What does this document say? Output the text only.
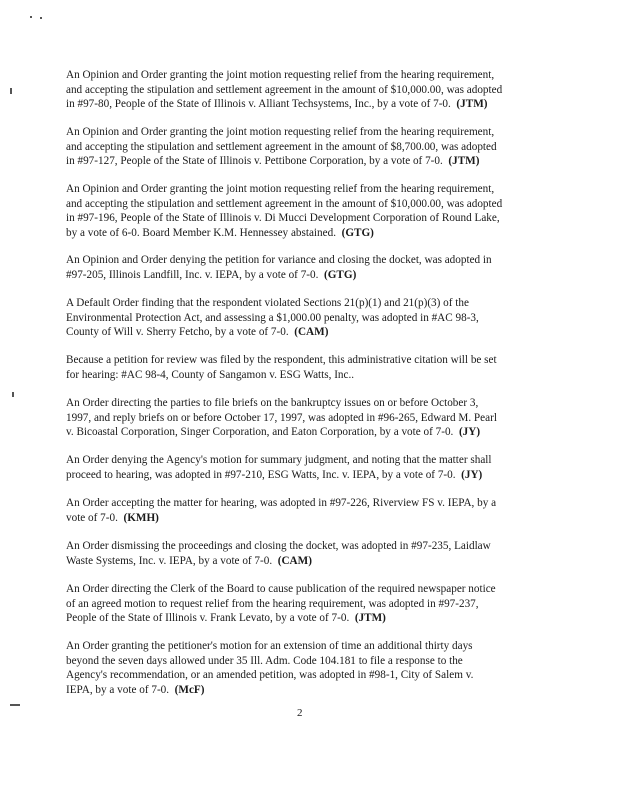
An Opinion and Order granting the joint motion requesting relief from the hearing requirement,
and accepting the stipulation and settlement agreement in the amount of $10,000.00, was adopted
in #97-80, People of the State of Illinois v. Alliant Techsystems, Inc., by a vote of 7-0. (JTM)
An Opinion and Order granting the joint motion requesting relief from the hearing requirement,
and accepting the stipulation and settlement agreement in the amount of $8,700.00, was adopted
in #97-127, People of the State of Illinois v. Pettibone Corporation, by a vote of 7-0. (JTM)
An Opinion and Order granting the joint motion requesting relief from the hearing requirement,
and accepting the stipulation and settlement agreement in the amount of $10,000.00, was adopted
in #97-196, People of the State of Illinois v. Di Mucci Development Corporation of Round Lake,
by a vote of 6-0. Board Member K.M. Hennessey abstained. (GTG)
An Opinion and Order denying the petition for variance and closing the docket, was adopted in
#97-205, Illinois Landfill, Inc. v. IEPA, by a vote of 7-0. (GTG)
A Default Order finding that the respondent violated Sections 21(p)(1) and 21(p)(3) of the
Environmental Protection Act, and assessing a $1,000.00 penalty, was adopted in #AC 98-3,
County of Will v. Sherry Fetcho, by a vote of 7-0. (CAM)
Because a petition for review was filed by the respondent, this administrative citation will be set
for hearing: #AC 98-4, County of Sangamon v. ESG Watts, Inc..
An Order directing the parties to file briefs on the bankruptcy issues on or before October 3,
1997, and reply briefs on or before October 17, 1997, was adopted in #96-265, Edward M. Pearl
v. Bicoastal Corporation, Singer Corporation, and Eaton Corporation, by a vote of 7-0. (JY)
An Order denying the Agency's motion for summary judgment, and noting that the matter shall
proceed to hearing, was adopted in #97-210, ESG Watts, Inc. v. IEPA, by a vote of 7-0. (JY)
An Order accepting the matter for hearing, was adopted in #97-226, Riverview FS v. IEPA, by a
vote of 7-0. (KMH)
An Order dismissing the proceedings and closing the docket, was adopted in #97-235, Laidlaw
Waste Systems, Inc. v. IEPA, by a vote of 7-0. (CAM)
An Order directing the Clerk of the Board to cause publication of the required newspaper notice
of an agreed motion to request relief from the hearing requirement, was adopted in #97-237,
People of the State of Illinois v. Frank Levato, by a vote of 7-0. (JTM)
An Order granting the petitioner's motion for an extension of time an additional thirty days
beyond the seven days allowed under 35 Ill. Adm. Code 104.181 to file a response to the
Agency's recommendation, or an amended petition, was adopted in #98-1, City of Salem v.
IEPA, by a vote of 7-0. (McF)
2
